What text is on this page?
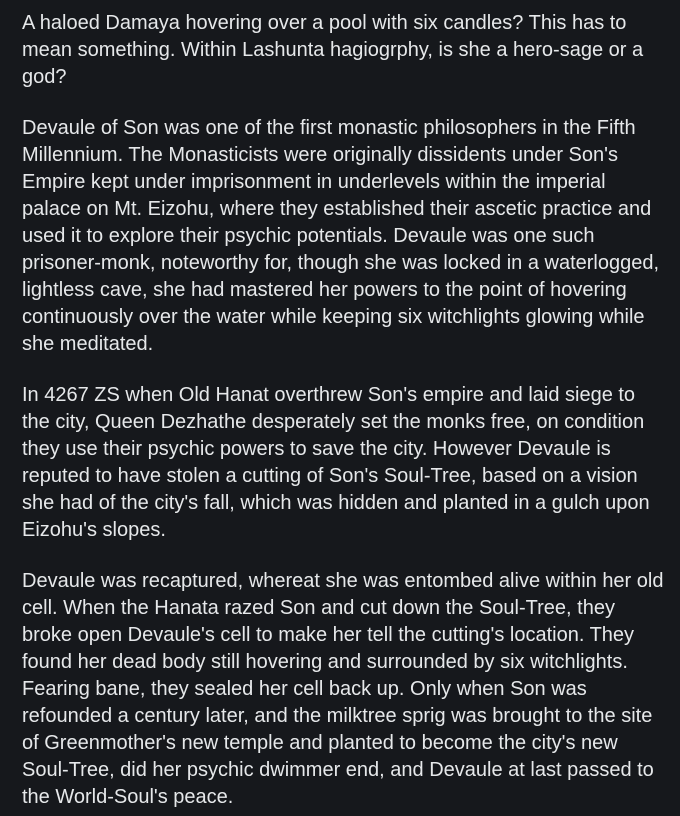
A haloed Damaya hovering over a pool with six candles? This has to mean something. Within Lashunta hagiogrphy, is she a hero-sage or a god?

Devaule of Son was one of the first monastic philosophers in the Fifth Millennium. The Monasticists were originally dissidents under Son's Empire kept under imprisonment in underlevels within the imperial palace on Mt. Eizohu, where they established their ascetic practice and used it to explore their psychic potentials. Devaule was one such prisoner-monk, noteworthy for, though she was locked in a waterlogged, lightless cave, she had mastered her powers to the point of hovering continuously over the water while keeping six witchlights glowing while she meditated.

In 4267 ZS when Old Hanat overthrew Son's empire and laid siege to the city, Queen Dezhathe desperately set the monks free, on condition they use their psychic powers to save the city. However Devaule is reputed to have stolen a cutting of Son's Soul-Tree, based on a vision she had of the city's fall, which was hidden and planted in a gulch upon Eizohu's slopes.

Devaule was recaptured, whereat she was entombed alive within her old cell. When the Hanata razed Son and cut down the Soul-Tree, they broke open Devaule's cell to make her tell the cutting's location. They found her dead body still hovering and surrounded by six witchlights. Fearing bane, they sealed her cell back up. Only when Son was refounded a century later, and the milktree sprig was brought to the site of Greenmother's new temple and planted to become the city's new Soul-Tree, did her psychic dwimmer end, and Devaule at last passed to the World-Soul's peace.
